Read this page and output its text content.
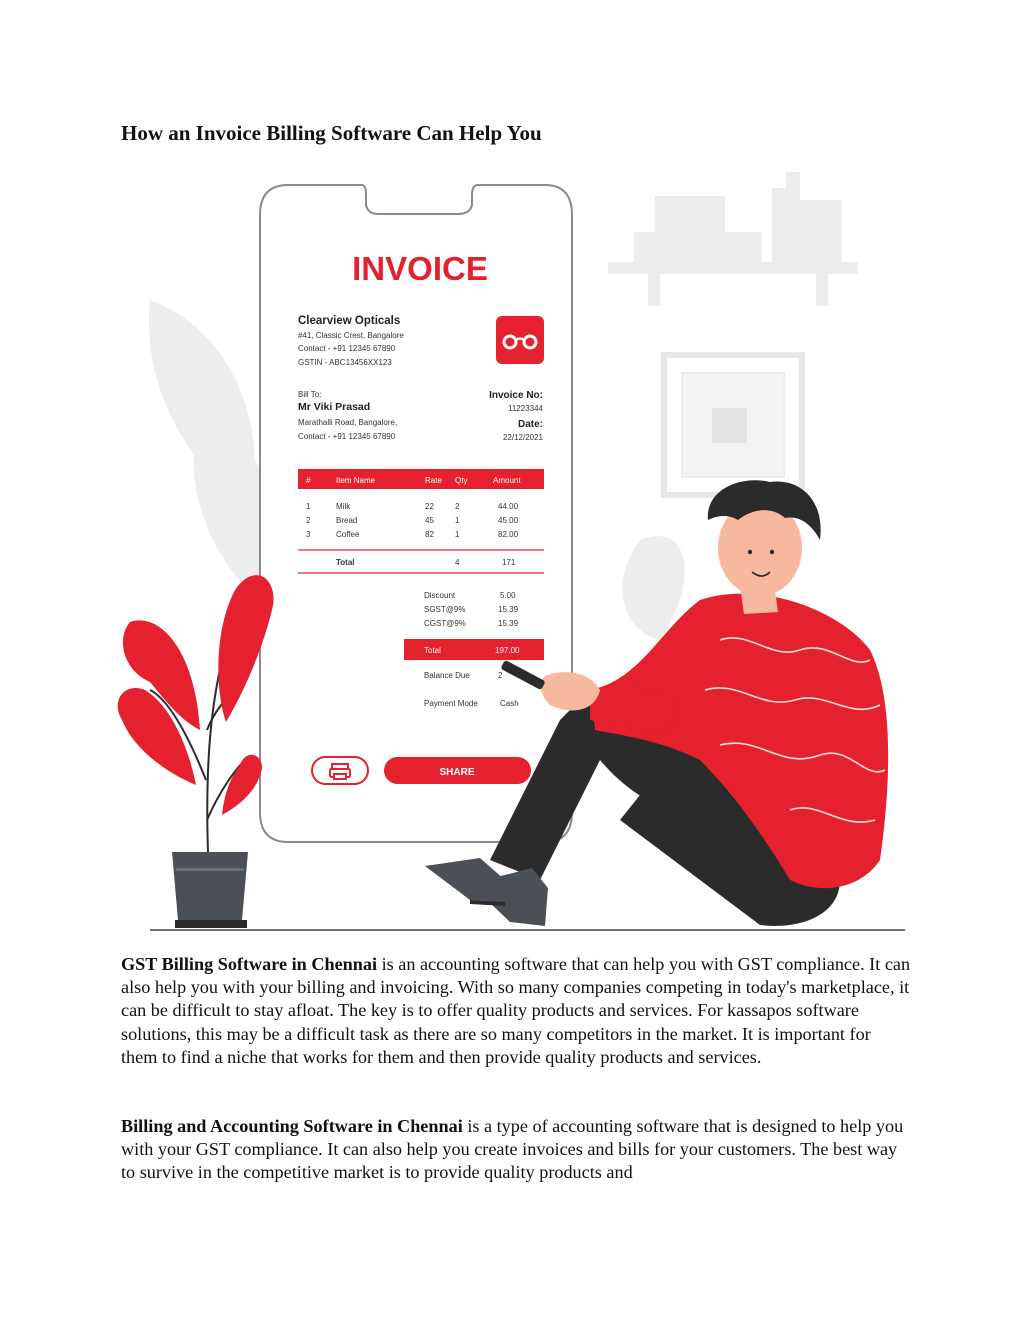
How an Invoice Billing Software Can Help You
INVOICE
Clearview Opticals
#41, Classic Crest, Bangalore
Contact - +91 12345 67890
GSTIN - ABC13456XX123
Bill To:
Mr Viki Prasad
Marathalli Road, Bangalore,
Contact - +91 12345 67890
Invoice No:
11223344
Date:
22/12/2021
#	Item Name	Rate Qty	Amount
1	Milk	22	2	44.00
2	Bread	45	1	45.00
3	Coffee	82	1	82.00
Total	4	171
Discount	5.00
SGST@9%	15.39
CGST@9%	15.39
Total	197.00
Balance Due	2
Payment Mode	Cash
SHARE

GST Billing Software in Chennai is an accounting software that can help you with GST compliance. It can also help you with your billing and invoicing. With so many companies competing in today's marketplace, it can be difficult to stay afloat. The key is to offer quality products and services. For kassapos software solutions, this may be a difficult task as there are so many competitors in the market. It is important for them to find a niche that works for them and then provide quality products and services.

Billing and Accounting Software in Chennai is a type of accounting software that is designed to help you with your GST compliance. It can also help you create invoices and bills for your customers. The best way to survive in the competitive market is to provide quality products and
